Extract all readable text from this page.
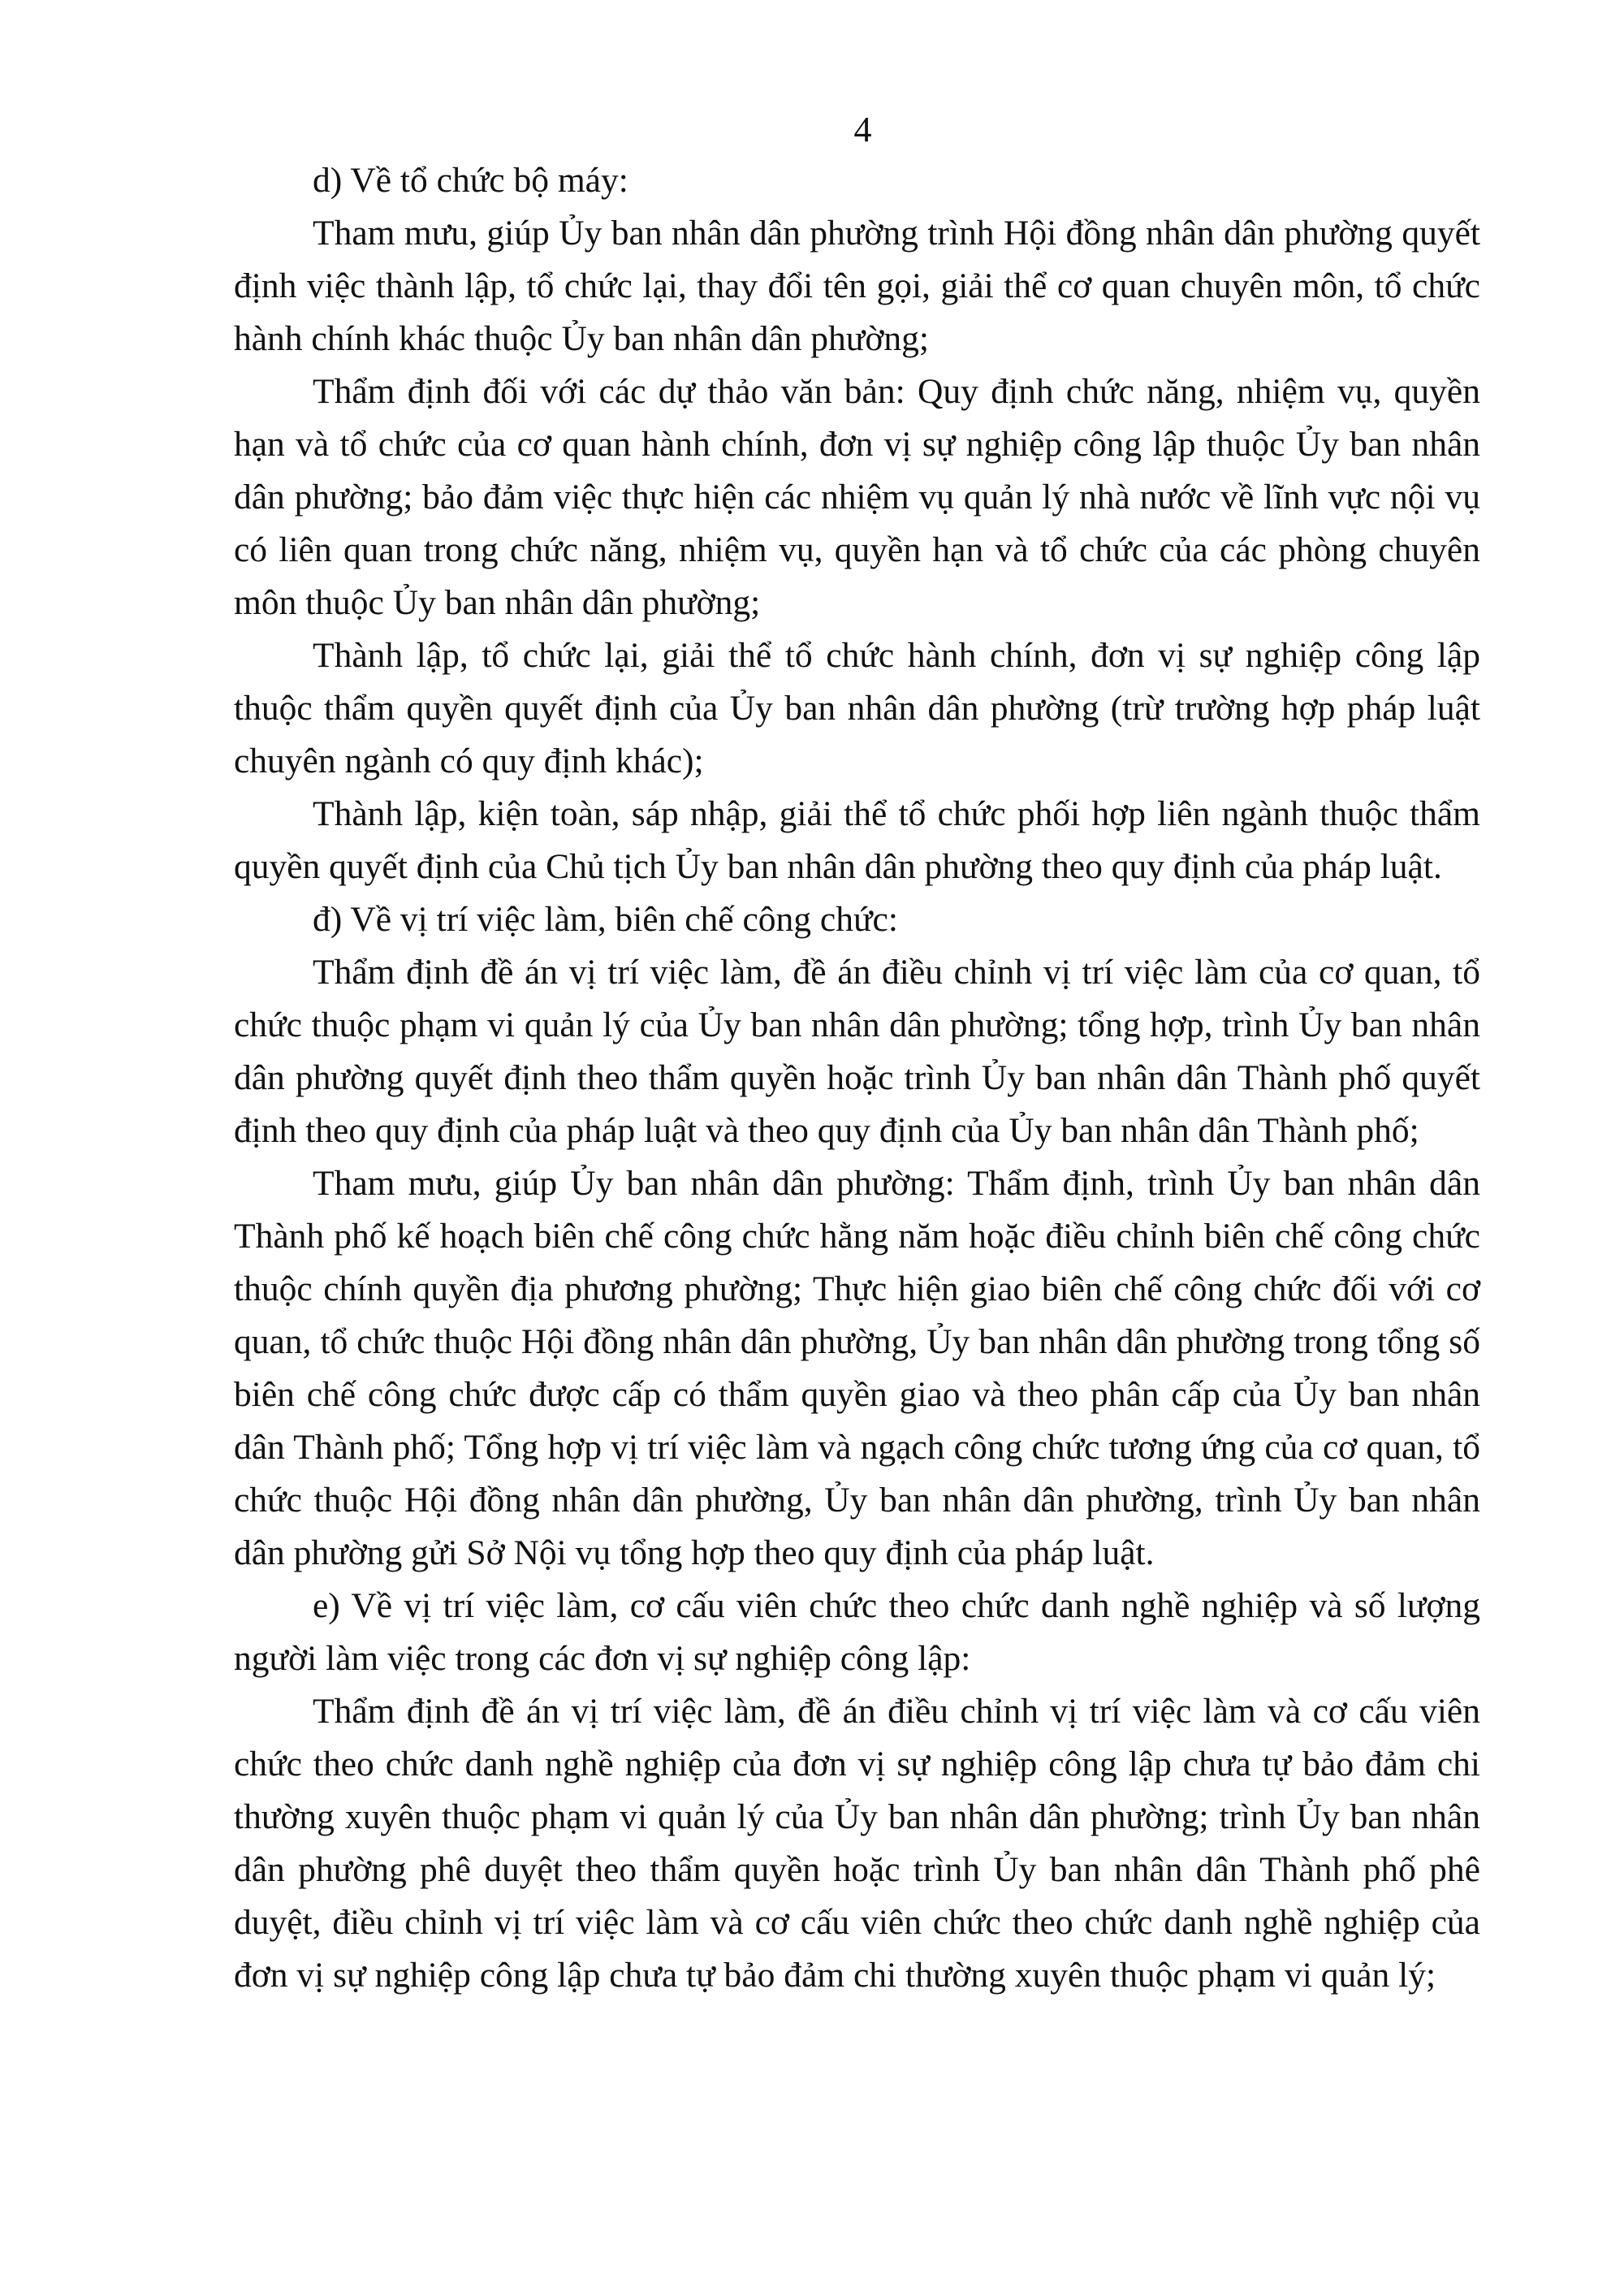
4

d) Về tổ chức bộ máy:

Tham mưu, giúp Ủy ban nhân dân phường trình Hội đồng nhân dân phường quyết định việc thành lập, tổ chức lại, thay đổi tên gọi, giải thể cơ quan chuyên môn, tổ chức hành chính khác thuộc Ủy ban nhân dân phường;

Thẩm định đối với các dự thảo văn bản: Quy định chức năng, nhiệm vụ, quyền hạn và tổ chức của cơ quan hành chính, đơn vị sự nghiệp công lập thuộc Ủy ban nhân dân phường; bảo đảm việc thực hiện các nhiệm vụ quản lý nhà nước về lĩnh vực nội vụ có liên quan trong chức năng, nhiệm vụ, quyền hạn và tổ chức của các phòng chuyên môn thuộc Ủy ban nhân dân phường;

Thành lập, tổ chức lại, giải thể tổ chức hành chính, đơn vị sự nghiệp công lập thuộc thẩm quyền quyết định của Ủy ban nhân dân phường (trừ trường hợp pháp luật chuyên ngành có quy định khác);

Thành lập, kiện toàn, sáp nhập, giải thể tổ chức phối hợp liên ngành thuộc thẩm quyền quyết định của Chủ tịch Ủy ban nhân dân phường theo quy định của pháp luật.

đ) Về vị trí việc làm, biên chế công chức:

Thẩm định đề án vị trí việc làm, đề án điều chỉnh vị trí việc làm của cơ quan, tổ chức thuộc phạm vi quản lý của Ủy ban nhân dân phường; tổng hợp, trình Ủy ban nhân dân phường quyết định theo thẩm quyền hoặc trình Ủy ban nhân dân Thành phố quyết định theo quy định của pháp luật và theo quy định của Ủy ban nhân dân Thành phố;

Tham mưu, giúp Ủy ban nhân dân phường: Thẩm định, trình Ủy ban nhân dân Thành phố kế hoạch biên chế công chức hằng năm hoặc điều chỉnh biên chế công chức thuộc chính quyền địa phương phường; Thực hiện giao biên chế công chức đối với cơ quan, tổ chức thuộc Hội đồng nhân dân phường, Ủy ban nhân dân phường trong tổng số biên chế công chức được cấp có thẩm quyền giao và theo phân cấp của Ủy ban nhân dân Thành phố; Tổng hợp vị trí việc làm và ngạch công chức tương ứng của cơ quan, tổ chức thuộc Hội đồng nhân dân phường, Ủy ban nhân dân phường, trình Ủy ban nhân dân phường gửi Sở Nội vụ tổng hợp theo quy định của pháp luật.

e) Về vị trí việc làm, cơ cấu viên chức theo chức danh nghề nghiệp và số lượng người làm việc trong các đơn vị sự nghiệp công lập:

Thẩm định đề án vị trí việc làm, đề án điều chỉnh vị trí việc làm và cơ cấu viên chức theo chức danh nghề nghiệp của đơn vị sự nghiệp công lập chưa tự bảo đảm chi thường xuyên thuộc phạm vi quản lý của Ủy ban nhân dân phường; trình Ủy ban nhân dân phường phê duyệt theo thẩm quyền hoặc trình Ủy ban nhân dân Thành phố phê duyệt, điều chỉnh vị trí việc làm và cơ cấu viên chức theo chức danh nghề nghiệp của đơn vị sự nghiệp công lập chưa tự bảo đảm chi thường xuyên thuộc phạm vi quản lý;
